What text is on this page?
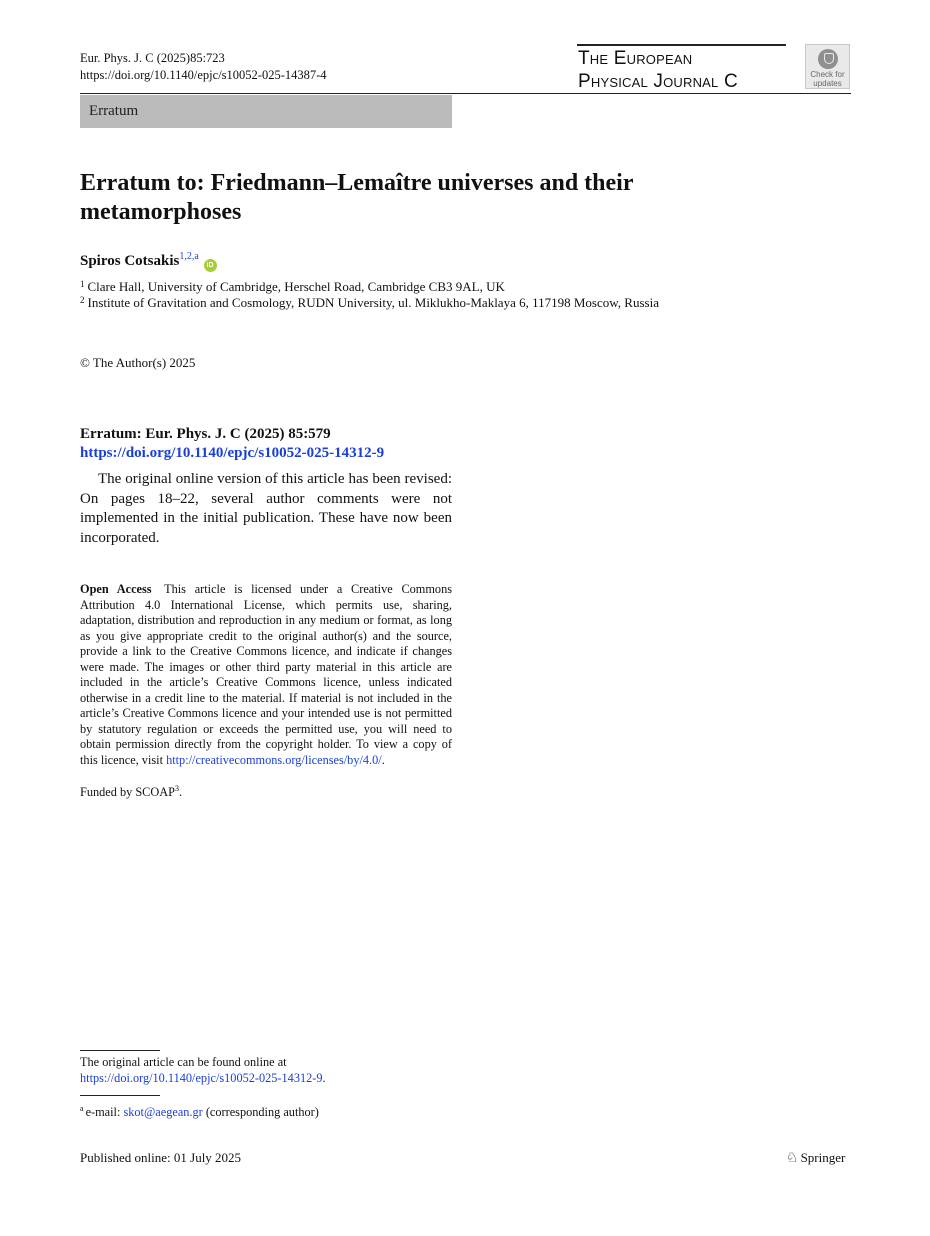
Eur. Phys. J. C (2025)85:723
https://doi.org/10.1140/epjc/s10052-025-14387-4
The European
Physical Journal C	Check for
updates
Erratum
Erratum to: Friedmann–Lemaître universes and their metamorphoses
Spiros Cotsakis$^{1,2,a}$ iD
$^1$ Clare Hall, University of Cambridge, Herschel Road, Cambridge CB3 9AL, UK
$^2$ Institute of Gravitation and Cosmology, RUDN University, ul. Miklukho-Maklaya 6, 117198 Moscow, Russia
© The Author(s) 2025
Erratum: Eur. Phys. J. C (2025) 85:579
https://doi.org/10.1140/epjc/s10052-025-14312-9
The original online version of this article has been revised: On pages 18–22, several author comments were not implemented in the initial publication. These have now been incorporated.
Open Access This article is licensed under a Creative Commons Attribution 4.0 International License, which permits use, sharing, adaptation, distribution and reproduction in any medium or format, as long as you give appropriate credit to the original author(s) and the source, provide a link to the Creative Commons licence, and indicate if changes were made. The images or other third party material in this article are included in the article’s Creative Commons licence, unless indicated otherwise in a credit line to the material. If material is not included in the article’s Creative Commons licence and your intended use is not permitted by statutory regulation or exceeds the permitted use, you will need to obtain permission directly from the copyright holder. To view a copy of this licence, visit http://creativecommons.org/licenses/by/4.0/.
Funded by SCOAP$^3$.
The original article can be found online at https://doi.org/10.1140/epjc/s10052-025-14312-9.
$^a$ e-mail: skot@aegean.gr (corresponding author)
Published online: 01 July 2025	♘ Springer
